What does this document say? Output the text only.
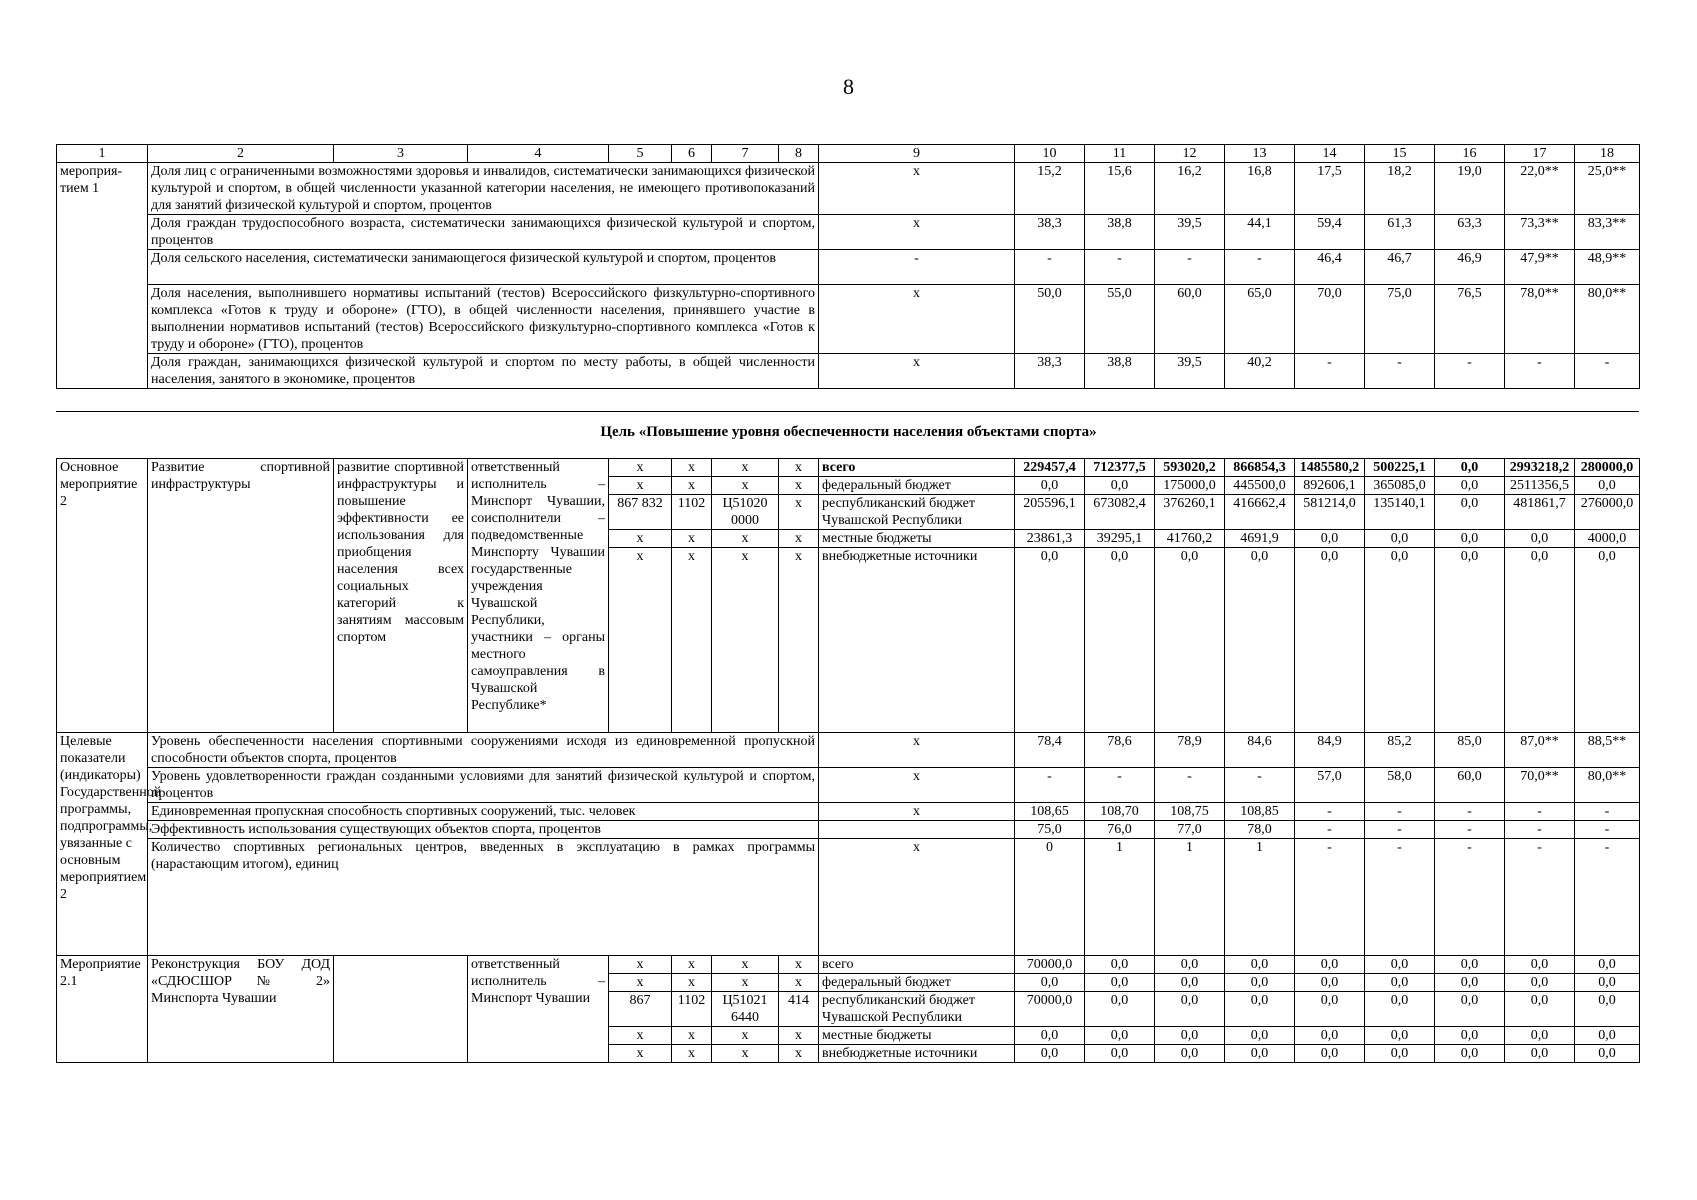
8
1	2	3	4	5	6	7	8	9	10	11	12	13	14	15	16	17	18
мероприя-тием 1	Доля лиц с ограниченными возможностями здоровья и инвалидов, систематически занимающихся физической культурой и спортом, в общей численности указанной категории населения, не имеющего противопоказаний для занятий физической культурой и спортом, процентов							x	15,2	15,6	16,2	16,8	17,5	18,2	19,0	22,0**	25,0**
	Доля граждан трудоспособного возраста, систематически занимающихся физической культурой и спортом, процентов							x	38,3	38,8	39,5	44,1	59,4	61,3	63,3	73,3**	83,3**
	Доля сельского населения, систематически занимающегося физической культурой и спортом, процентов							-	-	-	-	-	46,4	46,7	46,9	47,9**	48,9**
	Доля населения, выполнившего нормативы испытаний (тестов) Всероссийского физкультурно-спортивного комплекса «Готов к труду и обороне» (ГТО), в общей численности населения, принявшего участие в выполнении нормативов испытаний (тестов) Всероссийского физкультурно-спортивного комплекса «Готов к труду и обороне» (ГТО), процентов							x	50,0	55,0	60,0	65,0	70,0	75,0	76,5	78,0**	80,0**
	Доля граждан, занимающихся физической культурой и спортом по месту работы, в общей численности населения, занятого в экономике, процентов							x	38,3	38,8	39,5	40,2	-	-	-	-	-
Цель «Повышение уровня обеспеченности населения объектами спорта»
Основное мероприятие 2	Развитие спортивной инфраструктуры	развитие спортивной инфраструктуры и повышение эффективности ее использования для приобщения населения всех социальных категорий к занятиям массовым спортом	ответственный исполнитель – Минспорт Чувашии, соисполнители – подведомственные Минспорту Чувашии государственные учреждения Чувашской Республики, участники – органы местного самоуправления в Чувашской Республике*	x	x	x	x	всего	229457,4	712377,5	593020,2	866854,3	1485580,2	500225,1	0,0	2993218,2	280000,0
				x	x	x	x	федеральный бюджет	0,0	0,0	175000,0	445500,0	892606,1	365085,0	0,0	2511356,5	0,0
				867 832	1102	Ц51020 0000	x	республиканский бюджет Чувашской Республики	205596,1	673082,4	376260,1	416662,4	581214,0	135140,1	0,0	481861,7	276000,0
				x	x	x	x	местные бюджеты	23861,3	39295,1	41760,2	4691,9	0,0	0,0	0,0	0,0	4000,0
				x	x	x	x	внебюджетные источники	0,0	0,0	0,0	0,0	0,0	0,0	0,0	0,0	0,0
Целевые показатели (индикаторы) Государственной программы, подпрограммы, увязанные с основным мероприятием 2	Уровень обеспеченности населения спортивными сооружениями исходя из единовременной пропускной способности объектов спорта, процентов							x	78,4	78,6	78,9	84,6	84,9	85,2	85,0	87,0**	88,5**
	Уровень удовлетворенности граждан созданными условиями для занятий физической культурой и спортом, процентов							x	-	-	-	-	57,0	58,0	60,0	70,0**	80,0**
	Единовременная пропускная способность спортивных сооружений, тыс. человек							x	108,65	108,70	108,75	108,85	-	-	-	-	-
	Эффективность использования существующих объектов спорта, процентов								75,0	76,0	77,0	78,0	-	-	-	-	-
	Количество спортивных региональных центров, введенных в эксплуатацию в рамках программы (нарастающим итогом), единиц							x	0	1	1	1	-	-	-	-	-
Мероприятие 2.1	Реконструкция БОУ ДОД «СДЮСШОР № 2» Минспорта Чувашии		ответственный исполнитель – Минспорт Чувашии	x	x	x	x	всего	70000,0	0,0	0,0	0,0	0,0	0,0	0,0	0,0	0,0
				x	x	x	x	федеральный бюджет	0,0	0,0	0,0	0,0	0,0	0,0	0,0	0,0	0,0
				867	1102	Ц51021 6440	414	республиканский бюджет Чувашской Республики	70000,0	0,0	0,0	0,0	0,0	0,0	0,0	0,0	0,0
				x	x	x	x	местные бюджеты	0,0	0,0	0,0	0,0	0,0	0,0	0,0	0,0	0,0
				x	x	x	x	внебюджетные источники	0,0	0,0	0,0	0,0	0,0	0,0	0,0	0,0	0,0
